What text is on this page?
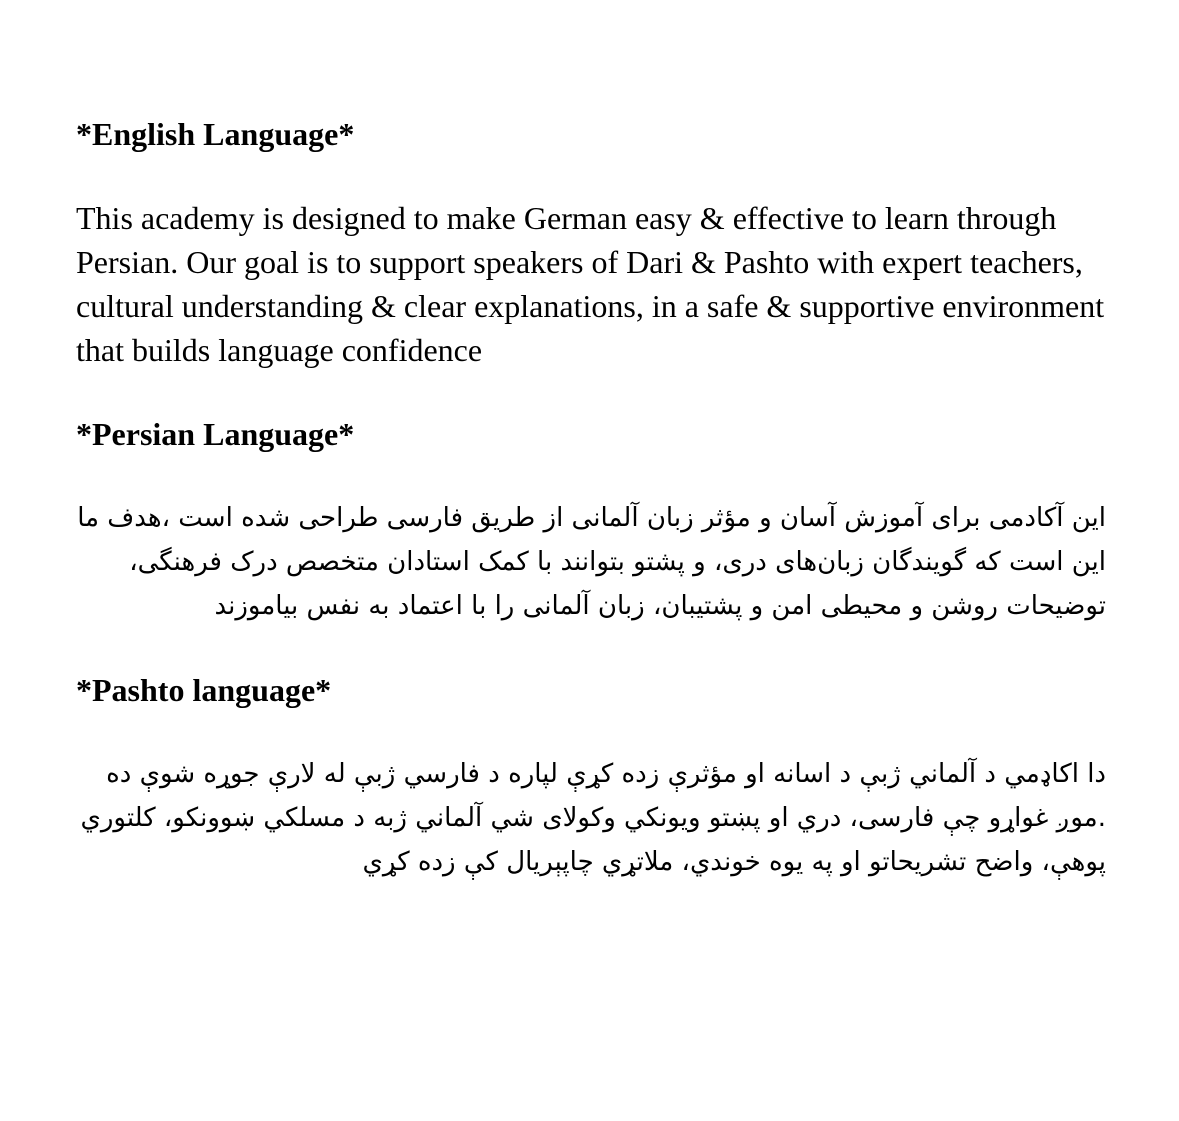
*English Language*

This academy is designed to make German easy & effective to learn through Persian. Our goal is to support speakers of Dari & Pashto with expert teachers, cultural understanding & clear explanations, in a safe & supportive environment that builds language confidence

*Persian Language*

این آکادمی برای آموزش آسان و مؤثر زبان آلمانی از طریق فارسی طراحی شده است ،هدف ما این است که گویندگان زبان‌های دری، و پشتو بتوانند با کمک استادان متخصص درک فرهنگی، توضیحات روشن و محیطی امن و پشتیبان، زبان آلمانی را با اعتماد به نفس بیاموزند

*Pashto language*

دا اکاډمي د آلماني ژبې د اسانه او مؤثرې زده کړې لپاره د فارسي ژبې له لارې جوړه شوې ده .موږ غواړو چې فارسی، دري او پښتو ویونکي وکولای شي آلماني ژبه د مسلکي ښوونکو، کلتوري پوهې، واضح تشریحاتو او په یوه خوندي، ملاتړي چاپېریال کې زده کړي
